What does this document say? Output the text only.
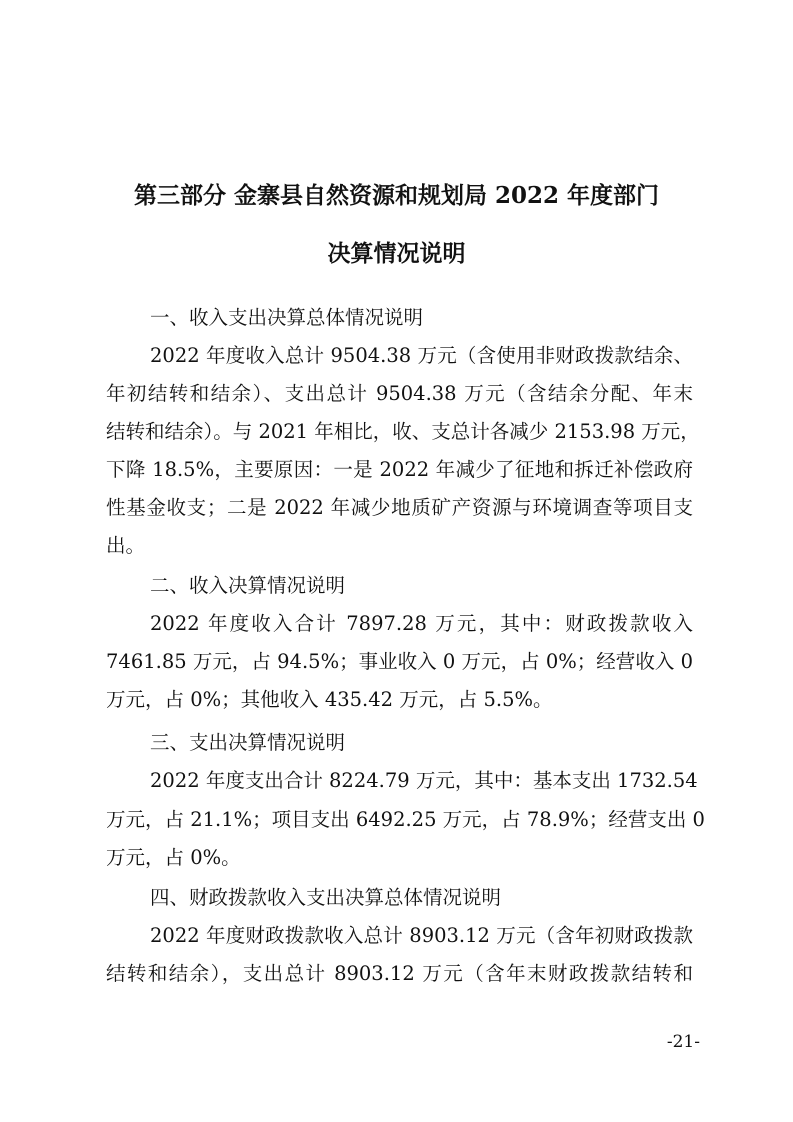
第三部分 金寨县自然资源和规划局 2022 年度部门
决算情况说明
一、收入支出决算总体情况说明
2022 年度收入总计 9504.38 万元（含使用非财政拨款结余、
年初结转和结余）、支出总计 9504.38 万元（含结余分配、年末
结转和结余）。与 2021 年相比，收、支总计各减少 2153.98 万元，
下降 18.5%，主要原因：一是 2022 年减少了征地和拆迁补偿政府
性基金收支；二是 2022 年减少地质矿产资源与环境调查等项目支
出。
二、收入决算情况说明
2022 年度收入合计 7897.28 万元，其中：财政拨款收入
7461.85 万元，占 94.5%；事业收入 0 万元，占 0%；经营收入 0
万元，占 0%；其他收入 435.42 万元，占 5.5%。
三、支出决算情况说明
2022 年度支出合计 8224.79 万元，其中：基本支出 1732.54
万元，占 21.1%；项目支出 6492.25 万元，占 78.9%；经营支出 0
万元，占 0%。
四、财政拨款收入支出决算总体情况说明
2022 年度财政拨款收入总计 8903.12 万元（含年初财政拨款
结转和结余），支出总计 8903.12 万元（含年末财政拨款结转和
-21-
